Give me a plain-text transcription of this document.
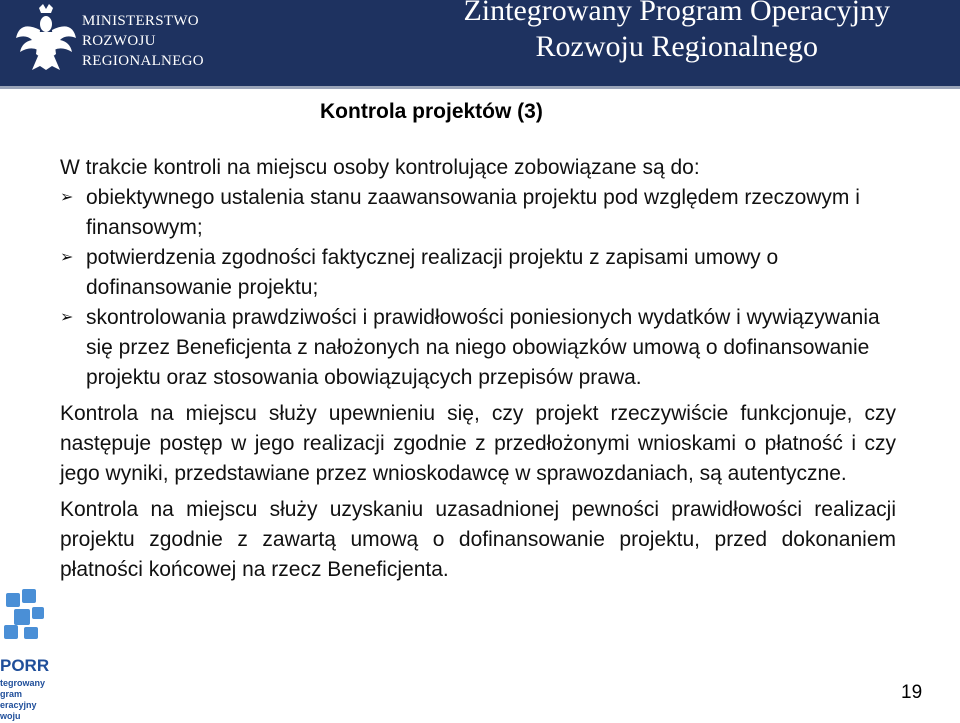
MINISTERSTWO
ROZWOJU
REGIONALNEGO
Zintegrowany Program Operacyjny
Rozwoju Regionalnego
Kontrola projektów (3)

W trakcie kontroli na miejscu osoby kontrolujące zobowiązane są do:

➢ obiektywnego ustalenia stanu zaawansowania projektu pod względem rzeczowym i finansowym;
➢ potwierdzenia zgodności faktycznej realizacji projektu z zapisami umowy o dofinansowanie projektu;
➢ skontrolowania prawdziwości i prawidłowości poniesionych wydatków i wywiązywania się przez Beneficjenta z nałożonych na niego obowiązków umową o dofinansowanie projektu oraz stosowania obowiązujących przepisów prawa.

Kontrola na miejscu służy upewnieniu się, czy projekt rzeczywiście funkcjonuje, czy następuje postęp w jego realizacji zgodnie z przedłożonymi wnioskami o płatność i czy jego wyniki, przedstawiane przez wnioskodawcę w sprawozdaniach, są autentyczne.

Kontrola na miejscu służy uzyskaniu uzasadnionej pewności prawidłowości realizacji projektu zgodnie z zawartą umową o dofinansowanie projektu, przed dokonaniem płatności końcowej na rzecz Beneficjenta.

PORR
tegrowany
gram
eracyjny
woju
19
